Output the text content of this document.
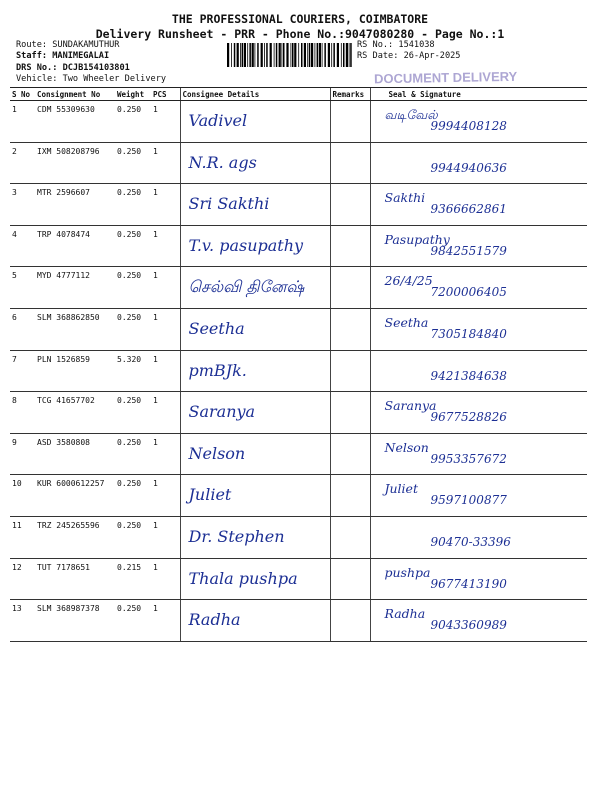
THE PROFESSIONAL COURIERS, COIMBATORE
Delivery Runsheet - PRR - Phone No.:9047080280 - Page No.:1
Route: SUNDAKAMUTHUR
Staff: MANIMEGALAI
DRS No.: DCJB154103801
Vehicle: Two Wheeler Delivery
RS No.: 1541038
RS Date: 26-Apr-2025
DOCUMENT DELIVERY
S No	Consignment No	Weight	PCS	Consignee Details	Remarks	Seal & Signature
1	CDM 55309630	0.250	1	Vadivel		வடிவேல்
9994408128

2	IXM 508208796	0.250	1	N.R. ags		9944940636

3	MTR 2596607	0.250	1	Sri Sakthi		Sakthi
9366662861

4	TRP 4078474	0.250	1	T.v. pasupathy		Pasupathy
9842551579

5	MYD 4777112	0.250	1	செல்வி தினேஷ்		26/4/25
7200006405

6	SLM 368862850	0.250	1	Seetha		Seetha
7305184840

7	PLN 1526859	5.320	1	pmBJk.		9421384638

8	TCG 41657702	0.250	1	Saranya		Saranya
9677528826

9	ASD 3580808	0.250	1	Nelson		Nelson
9953357672

10	KUR 6000612257	0.250	1	Juliet		Juliet
9597100877

11	TRZ 245265596	0.250	1	Dr. Stephen		90470-33396

12	TUT 7178651	0.215	1	Thala pushpa		pushpa
9677413190

13	SLM 368987378	0.250	1	Radha		Radha
9043360989
